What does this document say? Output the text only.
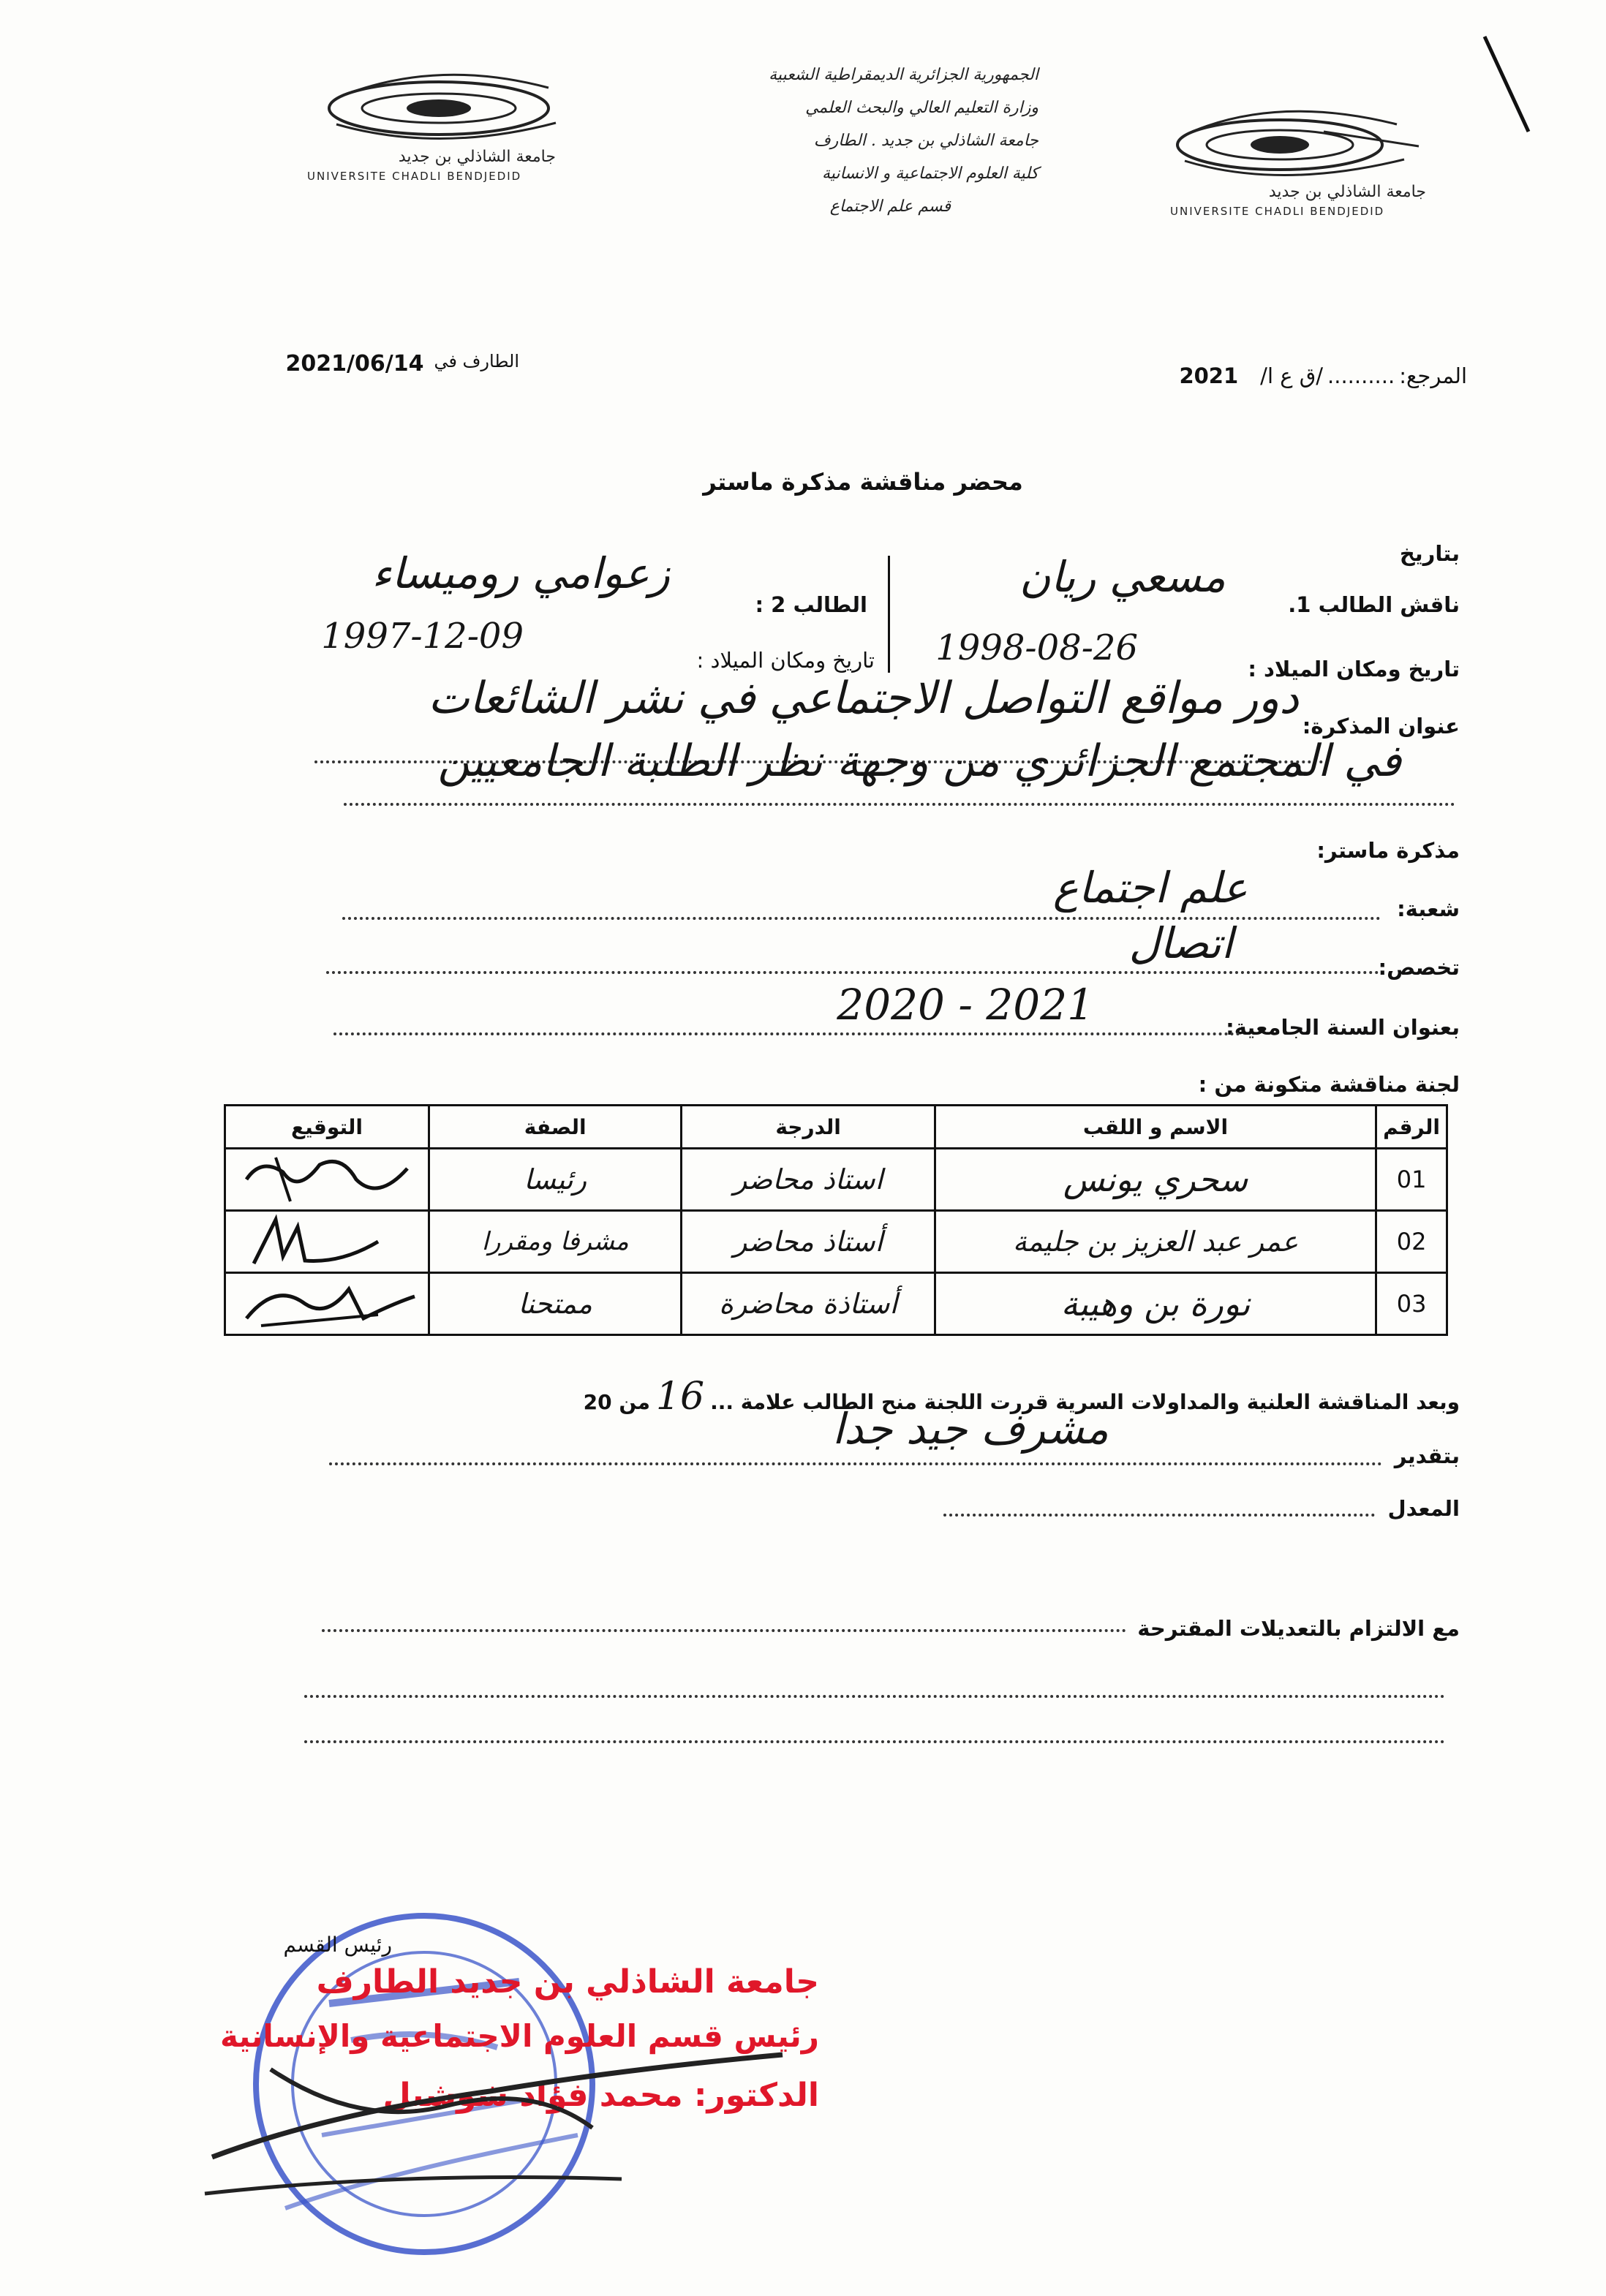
جامعة الشاذلي بن جديد
UNIVERSITE CHADLI BENDJEDID
جامعة الشاذلي بن جديد
UNIVERSITE CHADLI BENDJEDID
الجمهورية الجزائرية الديمقراطية الشعبية
وزارة التعليم العالي والبحث العلمي
جامعة الشاذلي بن جديد . الطارف
كلية العلوم الاجتماعية و الانسانية
قسم علم الاجتماع
المرجع:
..........
/ق ع ا/
2021
الطارف في
2021/06/14
محضر مناقشة مذكرة ماستر
بتاريخ
ناقش الطالب 1.
مسعي ريان
الطالب 2 :
زعوامي روميساء
تاريخ ومكان الميلاد :
1998-08-26
تاريخ ومكان الميلاد :
1997-12-09
عنوان المذكرة:
دور مواقع التواصل الاجتماعي في نشر الشائعات
في المجتمع الجزائري من وجهة نظر الطلبة الجامعيين
مذكرة ماستر:
شعبة:
علم اجتماع
تخصص:
اتصال
بعنوان السنة الجامعية:
2021 - 2020
لجنة مناقشة متكونة من :
الرقم	الاسم و اللقب	الدرجة	الصفة	التوقيع
01	سحري يونس	استاذ محاضر	رئيسا	
02	عمر عبد العزيز بن جليمة	أستاذ محاضر	مشرفا ومقررا	
03	نورة بن وهيبة	أستاذة محاضرة	ممتحنا	
وبعد المناقشة العلنية والمداولات السرية قررت اللجنة منح الطالب علامة ...
16
من 20
بتقدير
مشرف جيد جدا
المعدل
مع الالتزام بالتعديلات المقترحة
رئيس القسم
جامعة الشاذلي بن جديد الطارف
رئيس قسم العلوم الاجتماعية والإنسانية
الدكتور: محمد فؤاد شوشيل
